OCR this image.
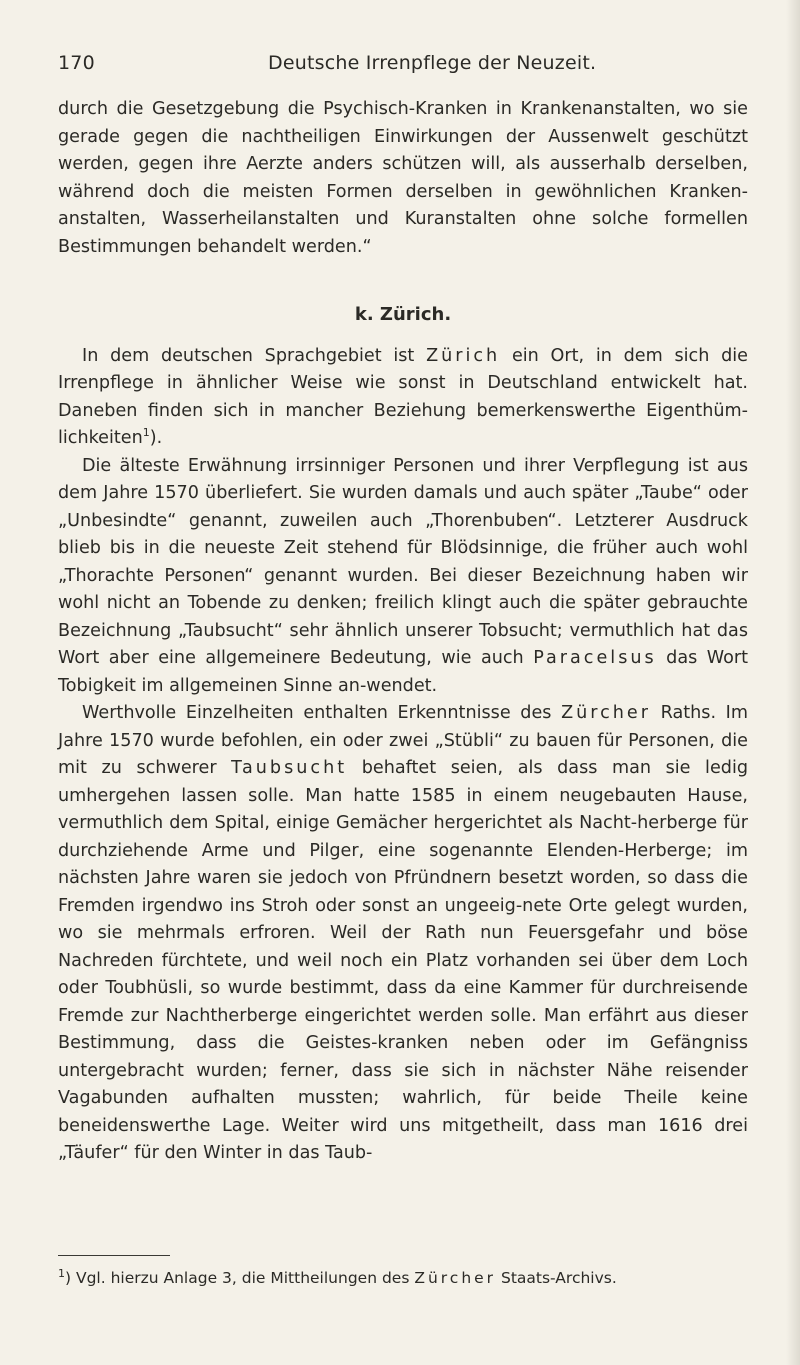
170	Deutsche Irrenpflege der Neuzeit.

durch die Gesetzgebung die Psychisch-Kranken in Krankenanstalten, wo sie gerade gegen die nachtheiligen Einwirkungen der Aussenwelt geschützt werden, gegen ihre Aerzte anders schützen will, als ausserhalb derselben, während doch die meisten Formen derselben in gewöhnlichen Kranken-anstalten, Wasserheilanstalten und Kuranstalten ohne solche formellen Bestimmungen behandelt werden.“

k. Zürich.

In dem deutschen Sprachgebiet ist Zürich ein Ort, in dem sich die Irrenpflege in ähnlicher Weise wie sonst in Deutschland entwickelt hat. Daneben finden sich in mancher Beziehung bemerkenswerthe Eigenthüm-lichkeiten$^1$).

Die älteste Erwähnung irrsinniger Personen und ihrer Verpflegung ist aus dem Jahre 1570 überliefert. Sie wurden damals und auch später „Taube“ oder „Unbesindte“ genannt, zuweilen auch „Thorenbuben“. Letzterer Ausdruck blieb bis in die neueste Zeit stehend für Blödsinnige, die früher auch wohl „Thorachte Personen“ genannt wurden. Bei dieser Bezeichnung haben wir wohl nicht an Tobende zu denken; freilich klingt auch die später gebrauchte Bezeichnung „Taubsucht“ sehr ähnlich unserer Tobsucht; vermuthlich hat das Wort aber eine allgemeinere Bedeutung, wie auch Paracelsus das Wort Tobigkeit im allgemeinen Sinne an-wendet.

Werthvolle Einzelheiten enthalten Erkenntnisse des Zürcher Raths. Im Jahre 1570 wurde befohlen, ein oder zwei „Stübli“ zu bauen für Personen, die mit zu schwerer Taubsucht behaftet seien, als dass man sie ledig umhergehen lassen solle. Man hatte 1585 in einem neugebauten Hause, vermuthlich dem Spital, einige Gemächer hergerichtet als Nacht-herberge für durchziehende Arme und Pilger, eine sogenannte Elenden-Herberge; im nächsten Jahre waren sie jedoch von Pfründnern besetzt worden, so dass die Fremden irgendwo ins Stroh oder sonst an ungeeig-nete Orte gelegt wurden, wo sie mehrmals erfroren. Weil der Rath nun Feuersgefahr und böse Nachreden fürchtete, und weil noch ein Platz vorhanden sei über dem Loch oder Toubhüsli, so wurde bestimmt, dass da eine Kammer für durchreisende Fremde zur Nachtherberge eingerichtet werden solle. Man erfährt aus dieser Bestimmung, dass die Geistes-kranken neben oder im Gefängniss untergebracht wurden; ferner, dass sie sich in nächster Nähe reisender Vagabunden aufhalten mussten; wahrlich, für beide Theile keine beneidenswerthe Lage. Weiter wird uns mitgetheilt, dass man 1616 drei „Täufer“ für den Winter in das Taub-

$^1$) Vgl. hierzu Anlage 3, die Mittheilungen des Zürcher Staats-Archivs.
